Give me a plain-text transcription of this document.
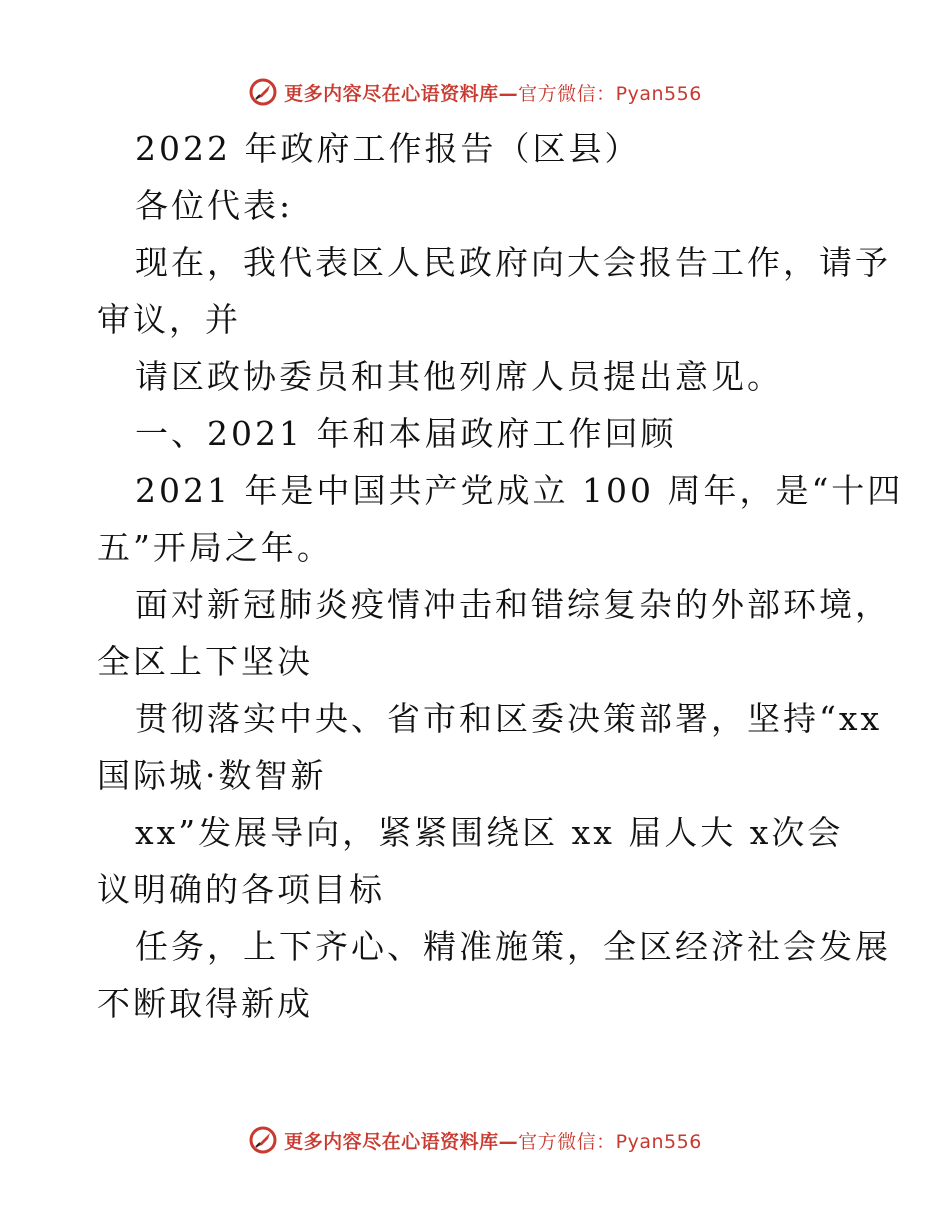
更多内容尽在心语资料库—官方微信：Pyan556
2022 年政府工作报告（区县）
各位代表:
现在，我代表区人民政府向大会报告工作，请予
审议，并
请区政协委员和其他列席人员提出意见。
一、2021 年和本届政府工作回顾
2021 年是中国共产党成立 100 周年，是“十四
五”开局之年。
面对新冠肺炎疫情冲击和错综复杂的外部环境，
全区上下坚决
贯彻落实中央、省市和区委决策部署，坚持“xx
国际城·数智新
xx”发展导向，紧紧围绕区 xx 届人大 x次会
议明确的各项目标
任务，上下齐心、精准施策，全区经济社会发展
不断取得新成
更多内容尽在心语资料库—官方微信：Pyan556
